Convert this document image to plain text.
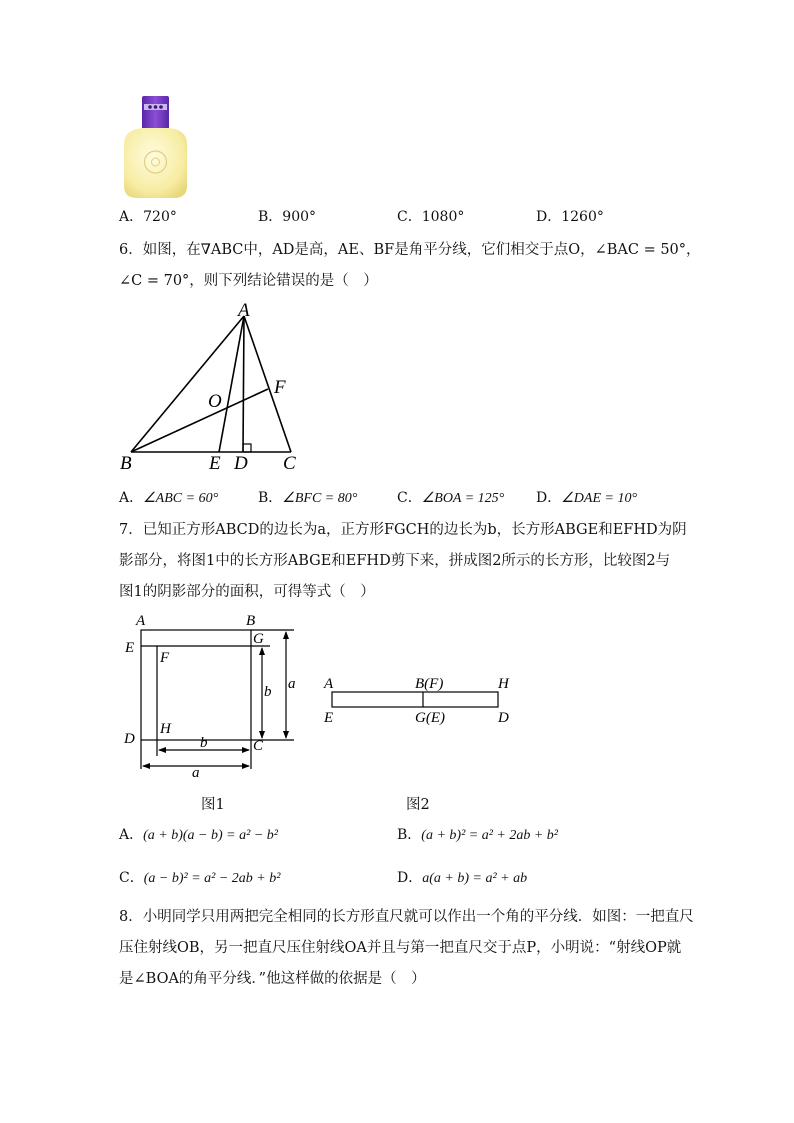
A．720°	B．900°	C．1080°	D．1260°
6．如图，在∇ABC中，AD是高，AE、BF是角平分线，它们相交于点O，∠BAC = 50°，
∠C = 70°，则下列结论错误的是（　）
A
B	E D C
F
O
A．∠ABC = 60°	B．∠BFC = 80°	C．∠BOA = 125° D．∠DAE = 10°
7．已知正方形ABCD的边长为a，正方形FGCH的边长为b，长方形ABGE和EFHD为阴
影部分，将图1中的长方形ABGE和EFHD剪下来，拼成图2所示的长方形，比较图2与
图1的阴影部分的面积，可得等式（　）
A	B
E
G
F
D
H
C
b a
b
a
A	B(F)	H
E	G(E)	D
图1	图2
A．(a + b)(a − b) = a² − b²	B．(a + b)² = a² + 2ab + b²
C．(a − b)² = a² − 2ab + b²	D．a(a + b) = a² + ab
8．小明同学只用两把完全相同的长方形直尺就可以作出一个角的平分线．如图：一把直尺
压住射线OB，另一把直尺压住射线OA并且与第一把直尺交于点P，小明说：“射线OP就
是∠BOA的角平分线．”他这样做的依据是（　）
